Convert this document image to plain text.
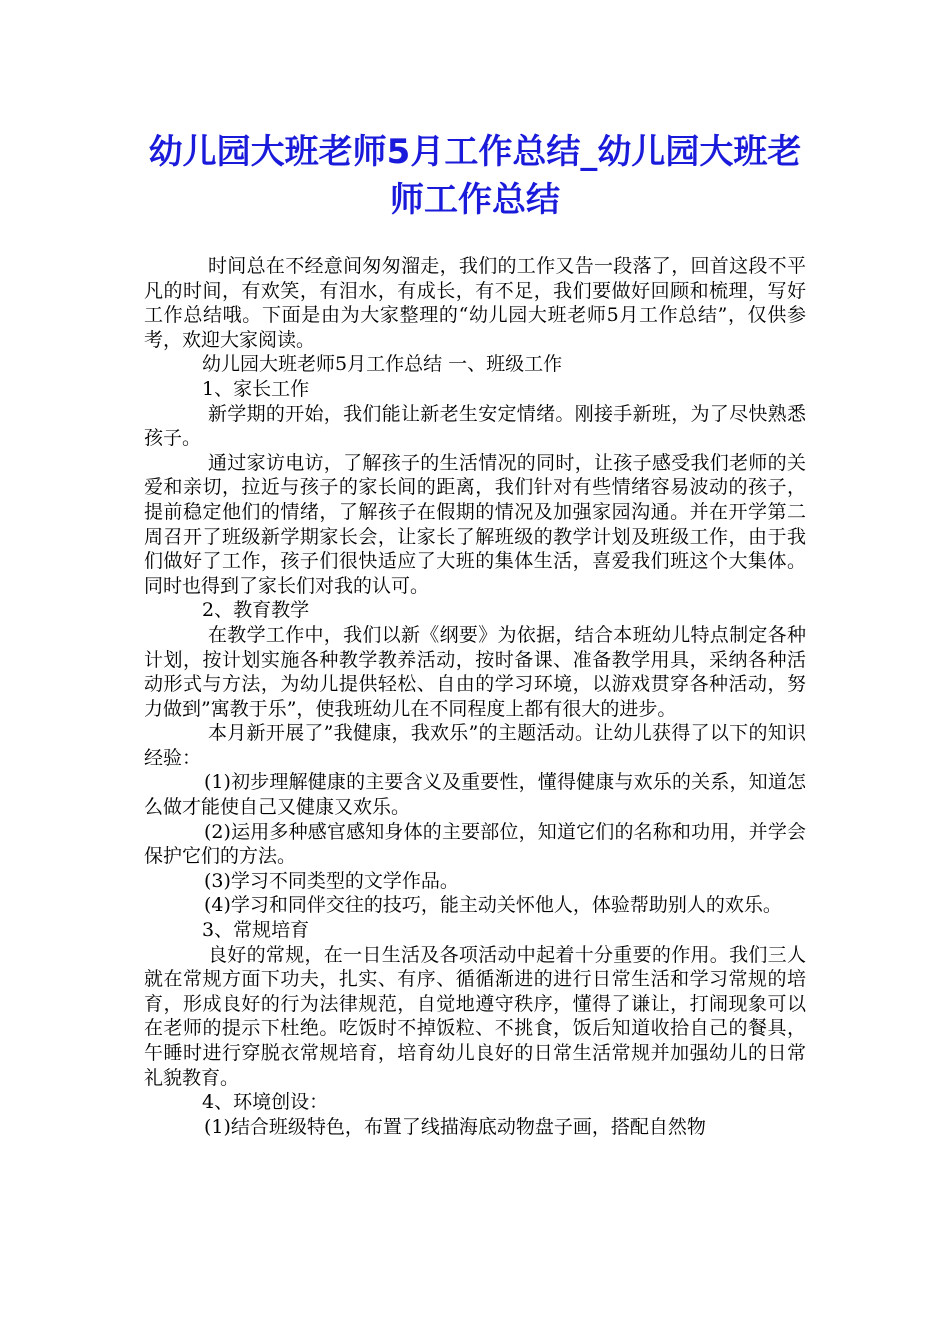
幼儿园大班老师5月工作总结_幼儿园大班老师工作总结

时间总在不经意间匆匆溜走，我们的工作又告一段落了，回首这段不平凡的时间，有欢笑，有泪水，有成长，有不足，我们要做好回顾和梳理，写好工作总结哦。下面是由为大家整理的“幼儿园大班老师5月工作总结”，仅供参考，欢迎大家阅读。

幼儿园大班老师5月工作总结 一、班级工作

1、家长工作

新学期的开始，我们能让新老生安定情绪。刚接手新班，为了尽快熟悉孩子。

通过家访电访，了解孩子的生活情况的同时，让孩子感受我们老师的关爱和亲切，拉近与孩子的家长间的距离，我们针对有些情绪容易波动的孩子，提前稳定他们的情绪，了解孩子在假期的情况及加强家园沟通。并在开学第二周召开了班级新学期家长会，让家长了解班级的教学计划及班级工作，由于我们做好了工作，孩子们很快适应了大班的集体生活，喜爱我们班这个大集体。同时也得到了家长们对我的认可。

2、教育教学

在教学工作中，我们以新《纲要》为依据，结合本班幼儿特点制定各种计划，按计划实施各种教学教养活动，按时备课、准备教学用具，采纳各种活动形式与方法，为幼儿提供轻松、自由的学习环境，以游戏贯穿各种活动，努力做到”寓教于乐”，使我班幼儿在不同程度上都有很大的进步。

本月新开展了”我健康，我欢乐”的主题活动。让幼儿获得了以下的知识经验：

(1)初步理解健康的主要含义及重要性，懂得健康与欢乐的关系，知道怎么做才能使自己又健康又欢乐。

(2)运用多种感官感知身体的主要部位，知道它们的名称和功用，并学会保护它们的方法。

(3)学习不同类型的文学作品。

(4)学习和同伴交往的技巧，能主动关怀他人，体验帮助别人的欢乐。

3、常规培育

良好的常规，在一日生活及各项活动中起着十分重要的作用。我们三人就在常规方面下功夫，扎实、有序、循循渐进的进行日常生活和学习常规的培育，形成良好的行为法律规范，自觉地遵守秩序，懂得了谦让，打闹现象可以在老师的提示下杜绝。吃饭时不掉饭粒、不挑食，饭后知道收拾自己的餐具，午睡时进行穿脱衣常规培育，培育幼儿良好的日常生活常规并加强幼儿的日常礼貌教育。

4、环境创设：

(1)结合班级特色，布置了线描海底动物盘子画，搭配自然物
